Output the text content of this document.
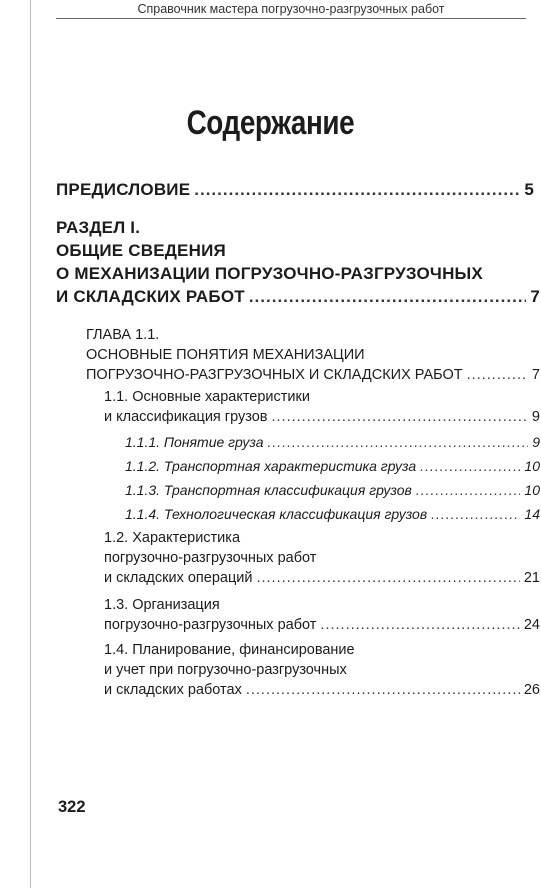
Справочник мастера погрузочно-разгрузочных работ
Содержание
ПРЕДИСЛОВИЕ .....	5
РАЗДЕЛ I.
ОБЩИЕ СВЕДЕНИЯ
О МЕХАНИЗАЦИИ ПОГРУЗОЧНО-РАЗГРУЗОЧНЫХ
И СКЛАДСКИХ РАБОТ .....	7
ГЛАВА 1.1.
ОСНОВНЫЕ ПОНЯТИЯ МЕХАНИЗАЦИИ
ПОГРУЗОЧНО-РАЗГРУЗОЧНЫХ И СКЛАДСКИХ РАБОТ .....	7
1.1. Основные характеристики
и классификация грузов .....	9
1.1.1. Понятие груза .....	9
1.1.2. Транспортная характеристика груза .....	10
1.1.3. Транспортная классификация грузов .....	10
1.1.4. Технологическая классификация грузов .....	14
1.2. Характеристика
погрузочно-разгрузочных работ
и складских операций .....	21
1.3. Организация
погрузочно-разгрузочных работ .....	24
1.4. Планирование, финансирование
и учет при погрузочно-разгрузочных
и складских работах .....	26
322
